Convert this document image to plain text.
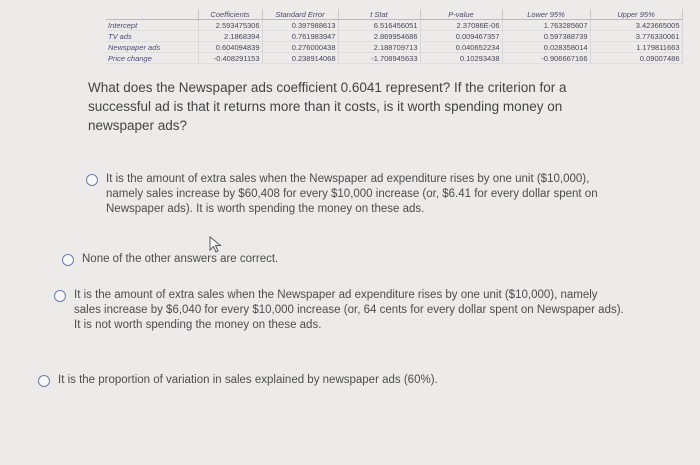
	Coefficients	Standard Error	t Stat	P-value	Lower 95%	Upper 95%
Intercept	2.593475306	0.397988613	6.516456051	2.37086E-06	1.763285607	3.423665005
TV ads	2.1868394	0.761983947	2.869954686	0.009467357	0.597388739	3.776330061
Newspaper ads	0.604094839	0.276000438	2.188709713	0.040652234	0.028358014	1.179811663
Price change	-0.408291153	0.238914068	-1.708945633	0.10293438	-0.906667166	0.09007486
What does the Newspaper ads coefficient 0.6041 represent? If the criterion for a successful ad is that it returns more than it costs, is it worth spending money on newspaper ads?
It is the amount of extra sales when the Newspaper ad expenditure rises by one unit ($10,000), namely sales increase by $60,408 for every $10,000 increase (or, $6.41 for every dollar spent on Newspaper ads). It is worth spending the money on these ads.
None of the other answers are correct.
It is the amount of extra sales when the Newspaper ad expenditure rises by one unit ($10,000), namely sales increase by $6,040 for every $10,000 increase (or, 64 cents for every dollar spent on Newspaper ads). It is not worth spending the money on these ads.
It is the proportion of variation in sales explained by newspaper ads (60%).
